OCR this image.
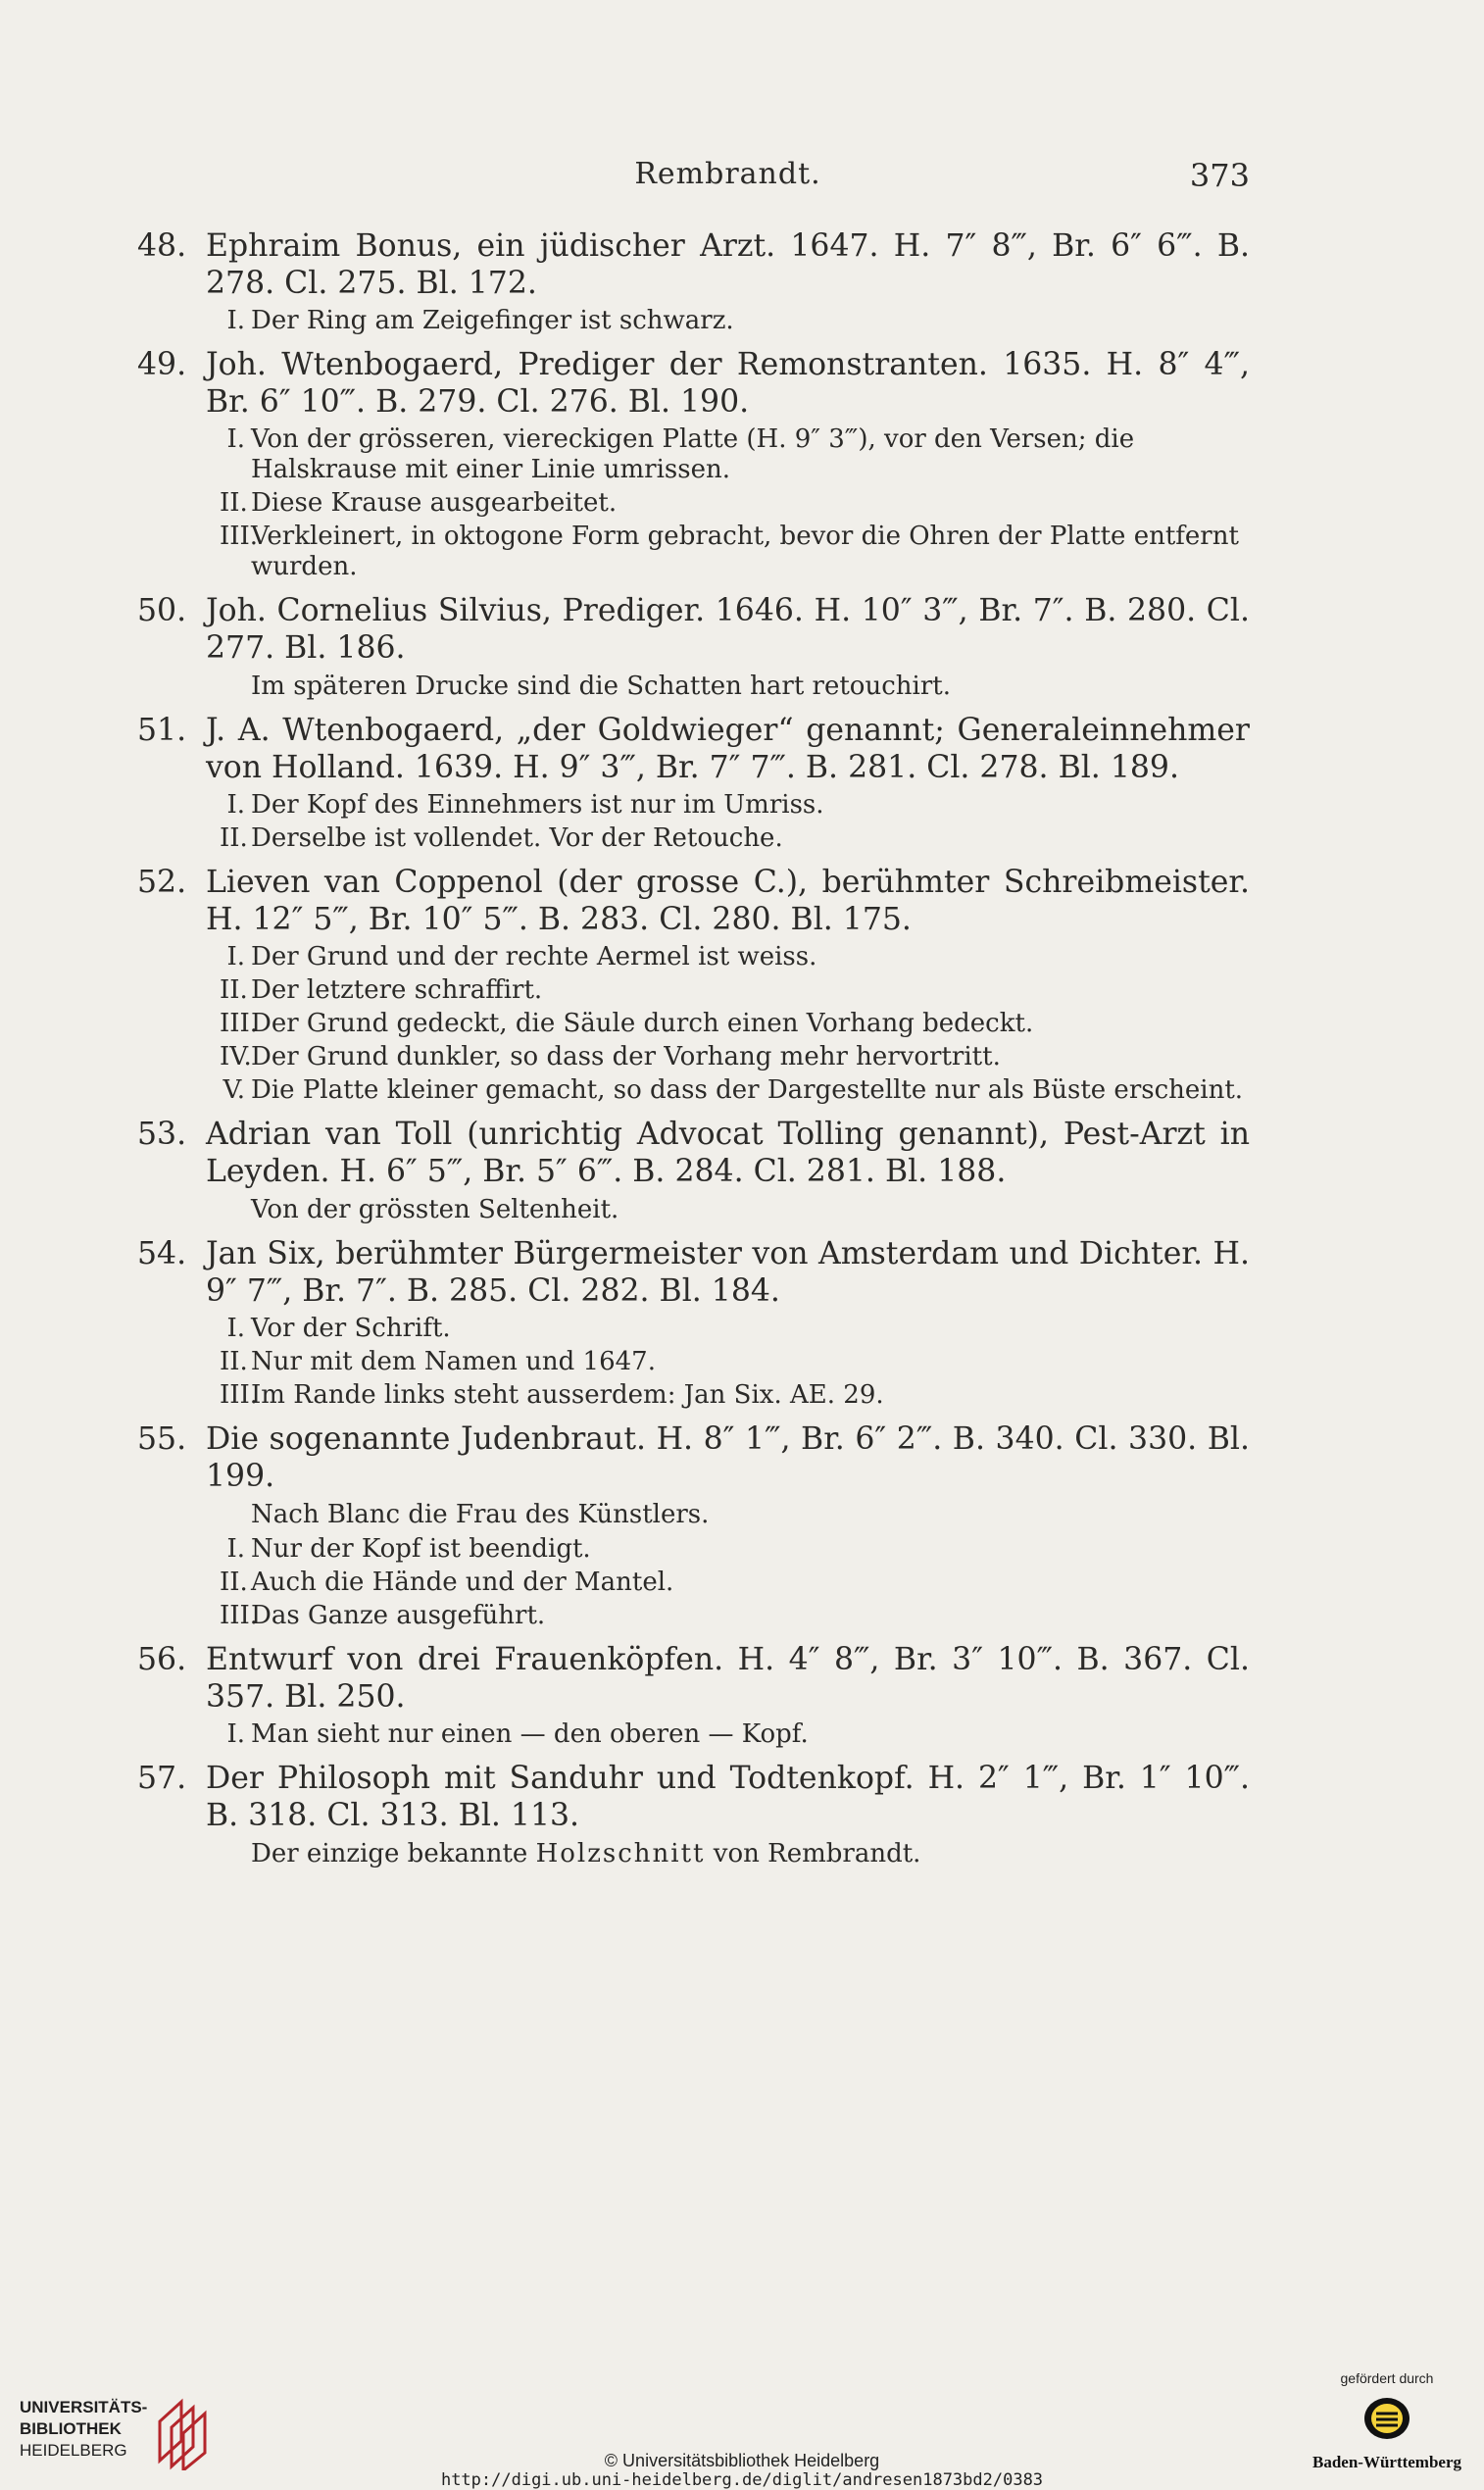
Rembrandt.	373
48. Ephraim Bonus, ein jüdischer Arzt. 1647. H. 7″ 8‴, Br. 6″ 6‴. B. 278. Cl. 275. Bl. 172.
I. Der Ring am Zeigefinger ist schwarz.
49. Joh. Wtenbogaerd, Prediger der Remonstranten. 1635. H. 8″ 4‴, Br. 6″ 10‴. B. 279. Cl. 276. Bl. 190.
I. Von der grösseren, viereckigen Platte (H. 9″ 3‴), vor den Versen; die Halskrause mit einer Linie umrissen.
II. Diese Krause ausgearbeitet.
III.
Verkleinert, in oktogone Form gebracht, bevor die Ohren der Platte entfernt wurden.
50. Joh. Cornelius Silvius, Prediger. 1646. H. 10″ 3‴, Br. 7″. B. 280. Cl. 277. Bl. 186.
Im späteren Drucke sind die Schatten hart retouchirt.
51. J. A. Wtenbogaerd, „der Goldwieger“ genannt; Generaleinnehmer von Holland. 1639. H. 9″ 3‴, Br. 7″ 7‴. B. 281. Cl. 278. Bl. 189.
I. Der Kopf des Einnehmers ist nur im Umriss.
II. Derselbe ist vollendet. Vor der Retouche.
52. Lieven van Coppenol (der grosse C.), berühmter Schreibmeister. H. 12″ 5‴, Br. 10″ 5‴. B. 283. Cl. 280. Bl. 175.
I. Der Grund und der rechte Aermel ist weiss.
II. Der letztere schraffirt.
III.
Der Grund gedeckt, die Säule durch einen Vorhang bedeckt.
IV. Der Grund dunkler, so dass der Vorhang mehr hervortritt.
V. Die Platte kleiner gemacht, so dass der Dargestellte nur als Büste erscheint.
53. Adrian van Toll (unrichtig Advocat Tolling genannt), Pest-Arzt in Leyden. H. 6″ 5‴, Br. 5″ 6‴. B. 284. Cl. 281. Bl. 188.
Von der grössten Seltenheit.
54. Jan Six, berühmter Bürgermeister von Amsterdam und Dichter. H. 9″ 7‴, Br. 7″. B. 285. Cl. 282. Bl. 184.
I. Vor der Schrift.
II. Nur mit dem Namen und 1647.
III.
Im Rande links steht ausserdem: Jan Six. AE. 29.
55. Die sogenannte Judenbraut. H. 8″ 1‴, Br. 6″ 2‴. B. 340. Cl. 330. Bl. 199.
Nach Blanc die Frau des Künstlers.
I. Nur der Kopf ist beendigt.
II. Auch die Hände und der Mantel.
III.
Das Ganze ausgeführt.
56. Entwurf von drei Frauenköpfen. H. 4″ 8‴, Br. 3″ 10‴. B. 367. Cl. 357. Bl. 250.
I. Man sieht nur einen — den oberen — Kopf.
57. Der Philosoph mit Sanduhr und Todtenkopf. H. 2″ 1‴, Br. 1″ 10‴. B. 318. Cl. 313. Bl. 113.
Der einzige bekannte Holzschnitt von Rembrandt.
UNIVERSITÄTS-
BIBLIOTHEK
HEIDELBERG
© Universitätsbibliothek Heidelberg
http://digi.ub.uni-heidelberg.de/diglit/andresen1873bd2/0383
gefördert durch
Baden-Württemberg
